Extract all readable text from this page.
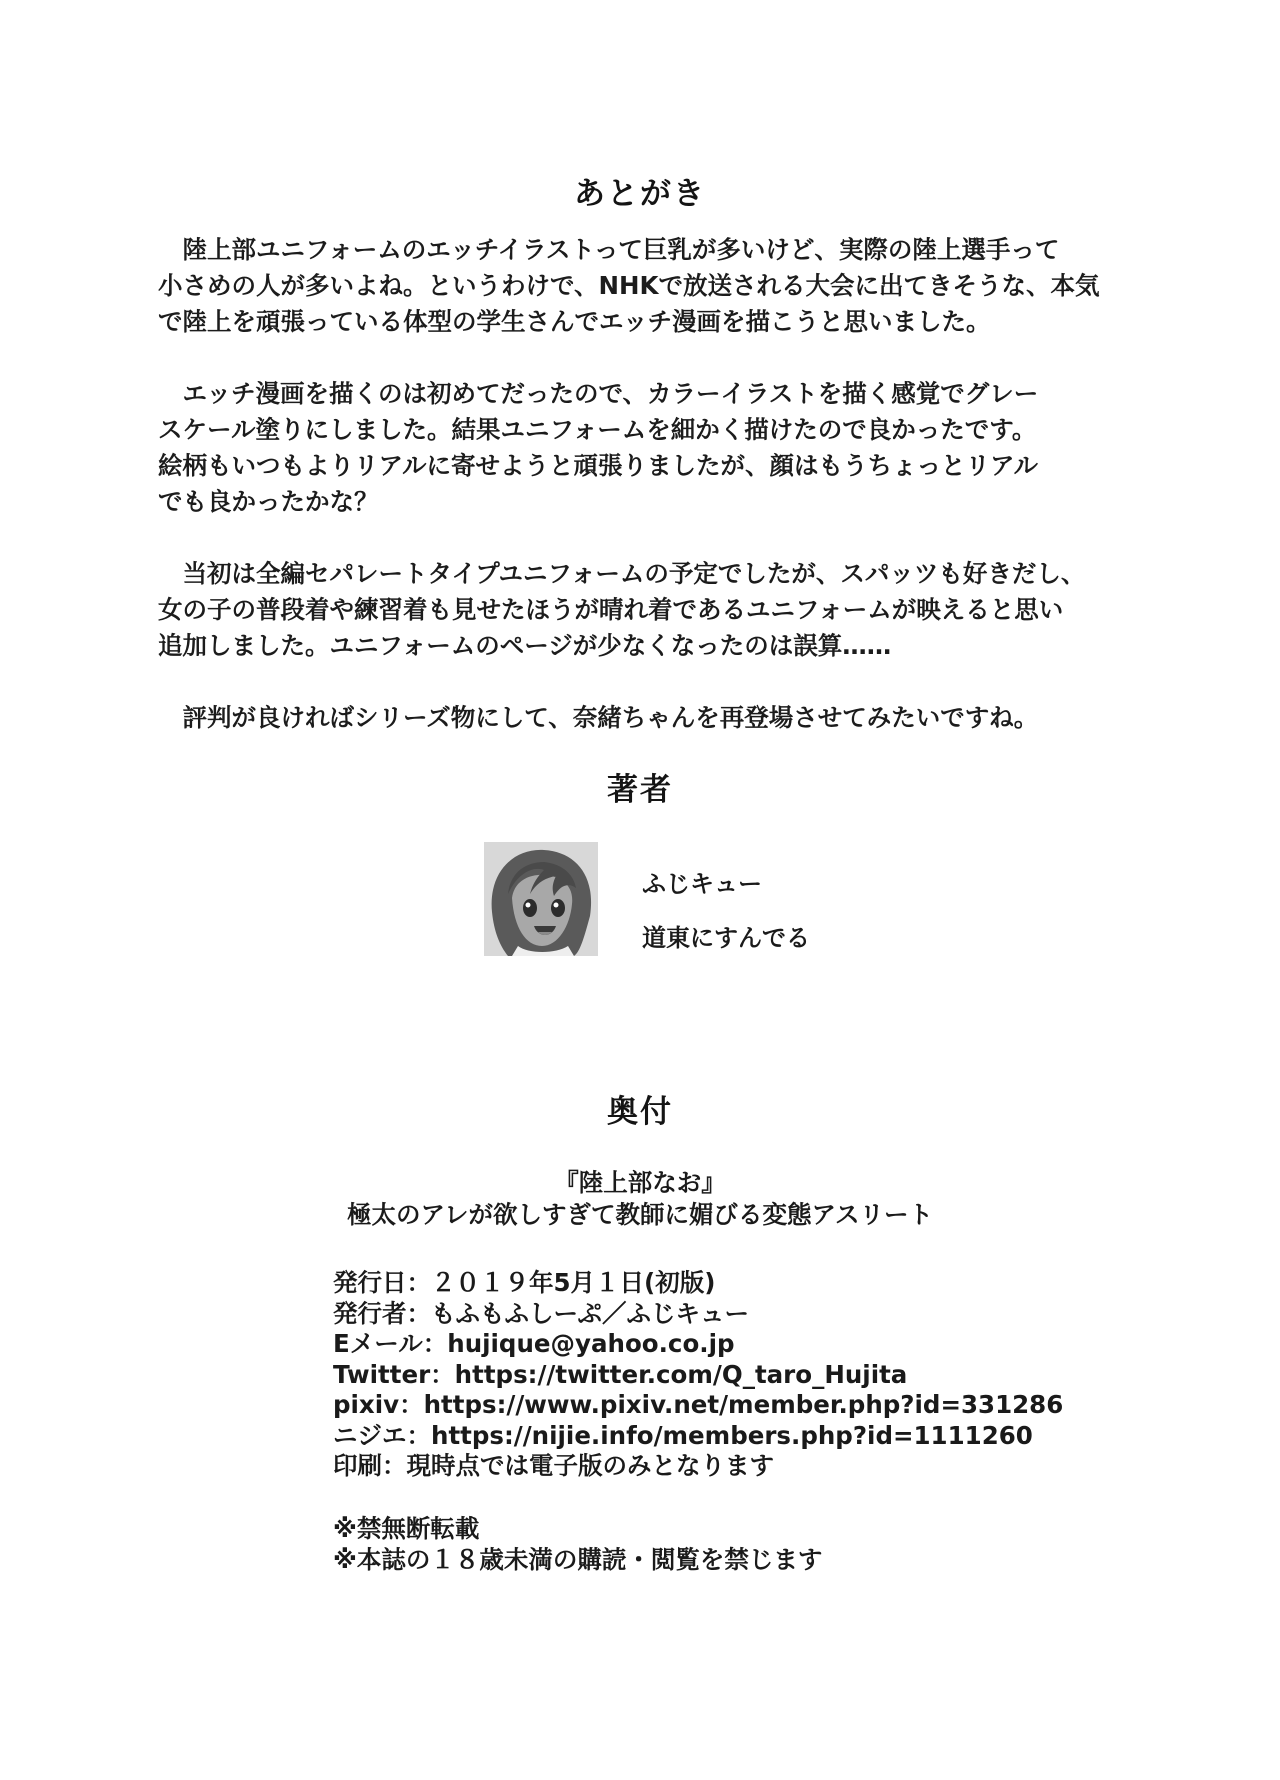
あとがき

　陸上部ユニフォームのエッチイラストって巨乳が多いけど、実際の陸上選手って
小さめの人が多いよね。というわけで、NHKで放送される大会に出てきそうな、本気
で陸上を頑張っている体型の学生さんでエッチ漫画を描こうと思いました。

　エッチ漫画を描くのは初めてだったので、カラーイラストを描く感覚でグレー
スケール塗りにしました。結果ユニフォームを細かく描けたので良かったです。
絵柄もいつもよりリアルに寄せようと頑張りましたが、顔はもうちょっとリアル
でも良かったかな？

　当初は全編セパレートタイプユニフォームの予定でしたが、スパッツも好きだし、
女の子の普段着や練習着も見せたほうが晴れ着であるユニフォームが映えると思い
追加しました。ユニフォームのページが少なくなったのは誤算……

　評判が良ければシリーズ物にして、奈緒ちゃんを再登場させてみたいですね。

著者
ふじキュー
道東にすんでる
奥付
『陸上部なお』
極太のアレが欲しすぎて教師に媚びる変態アスリート
発行日：２０１９年5月１日(初版)
発行者：もふもふしーぷ／ふじキュー
Eメール：hujique@yahoo.co.jp
Twitter：https://twitter.com/Q_taro_Hujita
pixiv：https://www.pixiv.net/member.php?id=331286
ニジエ：https://nijie.info/members.php?id=1111260
印刷：現時点では電子版のみとなります
※禁無断転載
※本誌の１８歳未満の購読・閲覧を禁じます
